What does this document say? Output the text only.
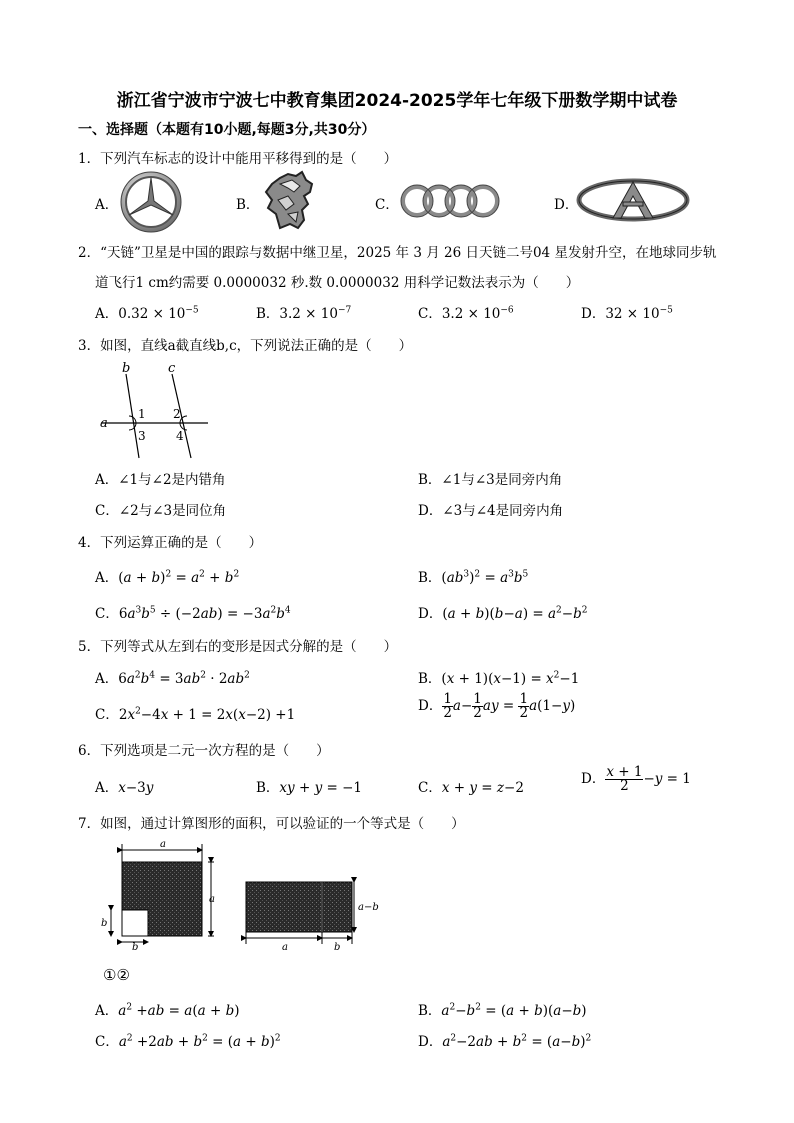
浙江省宁波市宁波七中教育集团2024-2025学年七年级下册数学期中试卷
一、选择题（本题有10小题,每题3分,共30分）
1．下列汽车标志的设计中能用平移得到的是（　　）
A．	B．	C．	D．
2．“天链”卫星是中国的跟踪与数据中继卫星，2025 年 3 月 26 日天链二号04 星发射升空，在地球同步轨
道飞行1 cm约需要 0.0000032 秒.数 0.0000032 用科学记数法表示为（　　）
A．$0.32 \times 10^{-5}$	B．$3.2 \times 10^{-7}$	C．$3.2 \times 10^{-6}$	D．$32 \times 10^{-5}$
3．如图，直线a截直线b,c，下列说法正确的是（　　）
b	c
a
1 2
3	4
A．∠1与∠2是内错角	B．∠1与∠3是同旁内角
C．∠2与∠3是同位角	D．∠3与∠4是同旁内角
4．下列运算正确的是（　　）
A．$(a + b)^2 = a^2 + b^2$	B．$(ab^3)^2 = a^3b^5$
C．$6a^3b^5 \div (-2ab) = -3a^2b^4$	D．$(a + b)(b-a) = a^2-b^2$
5．下列等式从左到右的变形是因式分解的是（　　）
A．$6a^2b^4 = 3ab^2 \cdot 2ab^2$	B．$(x + 1)(x-1) = x^2-1$
C．$2x^2-4x + 1 = 2x(x-2) +1$
D． $\frac{1}{2} a- \frac{1}{2}$ ay = $\frac{1}{2} a(1-y)$
6．下列选项是二元一次方程的是（　　）
A．x−3y	B．xy + y = −1	C．x + y = z−2
D． $\frac{x + 1}{2} -y = 1$
7．如图，通过计算图形的面积，可以验证的一个等式是（　　）
a
a
b
b
a−b
a	b
①②
A．$a^2 +ab = a(a + b)$	B．$a^2-b^2 = (a + b)(a-b)$
C．$a^2 +2ab + b^2 = (a + b)^2$	D．$a^2-2ab + b^2 = (a-b)^2$
